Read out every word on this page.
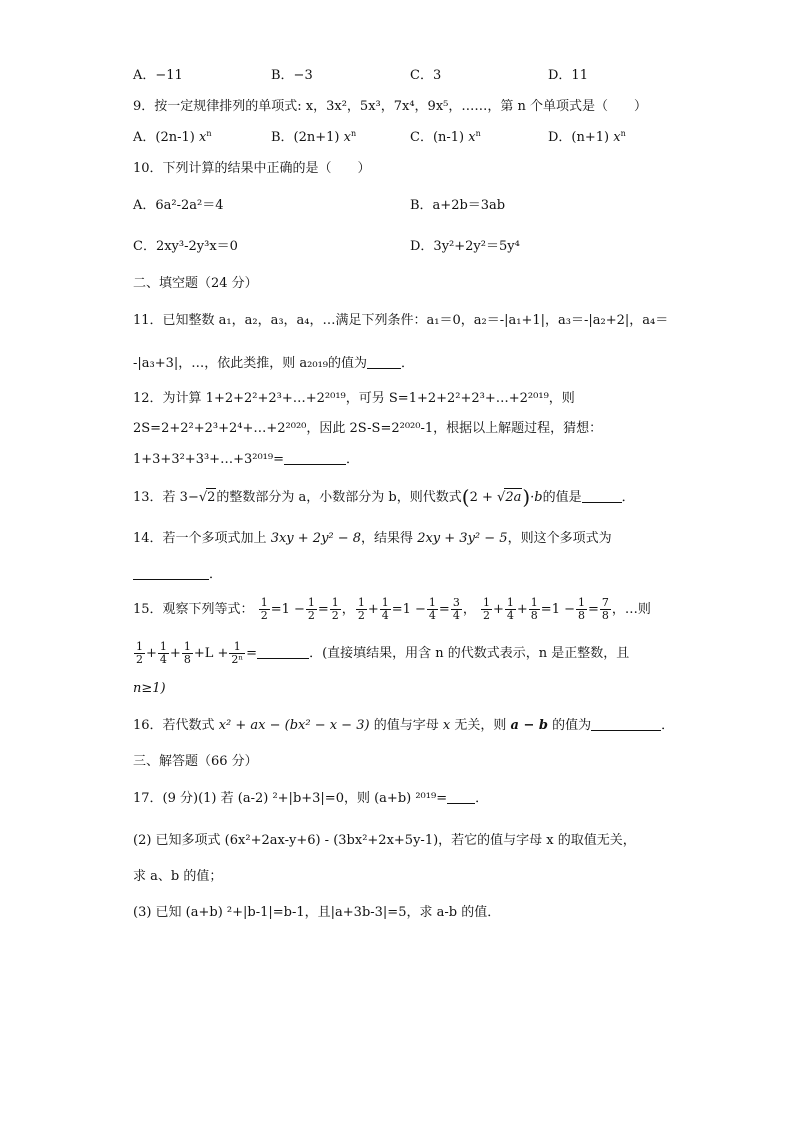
A．−11	B．−3	C．3	D．11
9．按一定规律排列的单项式: x，3x²，5x³，7x⁴，9x⁵，……，第 n 个单项式是（　　）
A．(2n-1) $x^n$	B．(2n+1) $x^n$	C．(n-1) $x^n$	D．(n+1) $x^n$
10．下列计算的结果中正确的是（　　）
A．6a²-2a²＝4	B．a+2b＝3ab
C．2xy³-2y³x＝0	D．3y²+2y²＝5y⁴
二、填空题（24 分）
11．已知整数 a₁，a₂，a₃，a₄，…满足下列条件：a₁＝0，a₂＝-|a₁+1|，a₃＝-|a₂+2|，a₄＝
-|a₃+3|，…，依此类推，则 a₂₀₁₉的值为	．
12．为计算 1+2+2²+2³+…+2²⁰¹⁹，可另 S=1+2+2²+2³+…+2²⁰¹⁹，则
2S=2+2²+2³+2⁴+…+2²⁰²⁰，因此 2S-S=2²⁰²⁰-1，根据以上解题过程，猜想：
1+3+3²+3³+…+3²⁰¹⁹=	．
13．若 3−√2的整数部分为 a，小数部分为 b，则代数式(2 + √2a)·b的值是	．
14．若一个多项式加上 3xy + 2y² − 8，结果得 2xy + 3y² − 5，则这个多项式为
．
15．观察下列等式： $\frac{1}{2} =1 - \frac{1}{2} = \frac{1}{2}$ ， $\frac{1}{2} + \frac{1}{4} =1 - \frac{1}{4} = \frac{3}{4}$ ， $\frac{1}{2} + \frac{1}{4} + \frac{1}{8} =1 - \frac{1}{8} = \frac{7}{8}$ ，…则
$\frac{1}{2} + \frac{1}{4} + \frac{1}{8} +L + \frac{1}{\text{2ⁿ}}$ =	．(直接填结果，用含 n 的代数式表示，n 是正整数，且
n≥1)
16．若代数式 x² + ax − (bx² − x − 3) 的值与字母 x 无关，则 a − b 的值为	．
三、解答题（66 分）
17．(9 分)(1) 若 (a-2) ²+|b+3|=0，则 (a+b) ²⁰¹⁹= ．
(2) 已知多项式 (6x²+2ax-y+6) - (3bx²+2x+5y-1)，若它的值与字母 x 的取值无关，
求 a、b 的值；
(3) 已知 (a+b) ²+|b-1|=b-1，且|a+3b-3|=5，求 a-b 的值．
